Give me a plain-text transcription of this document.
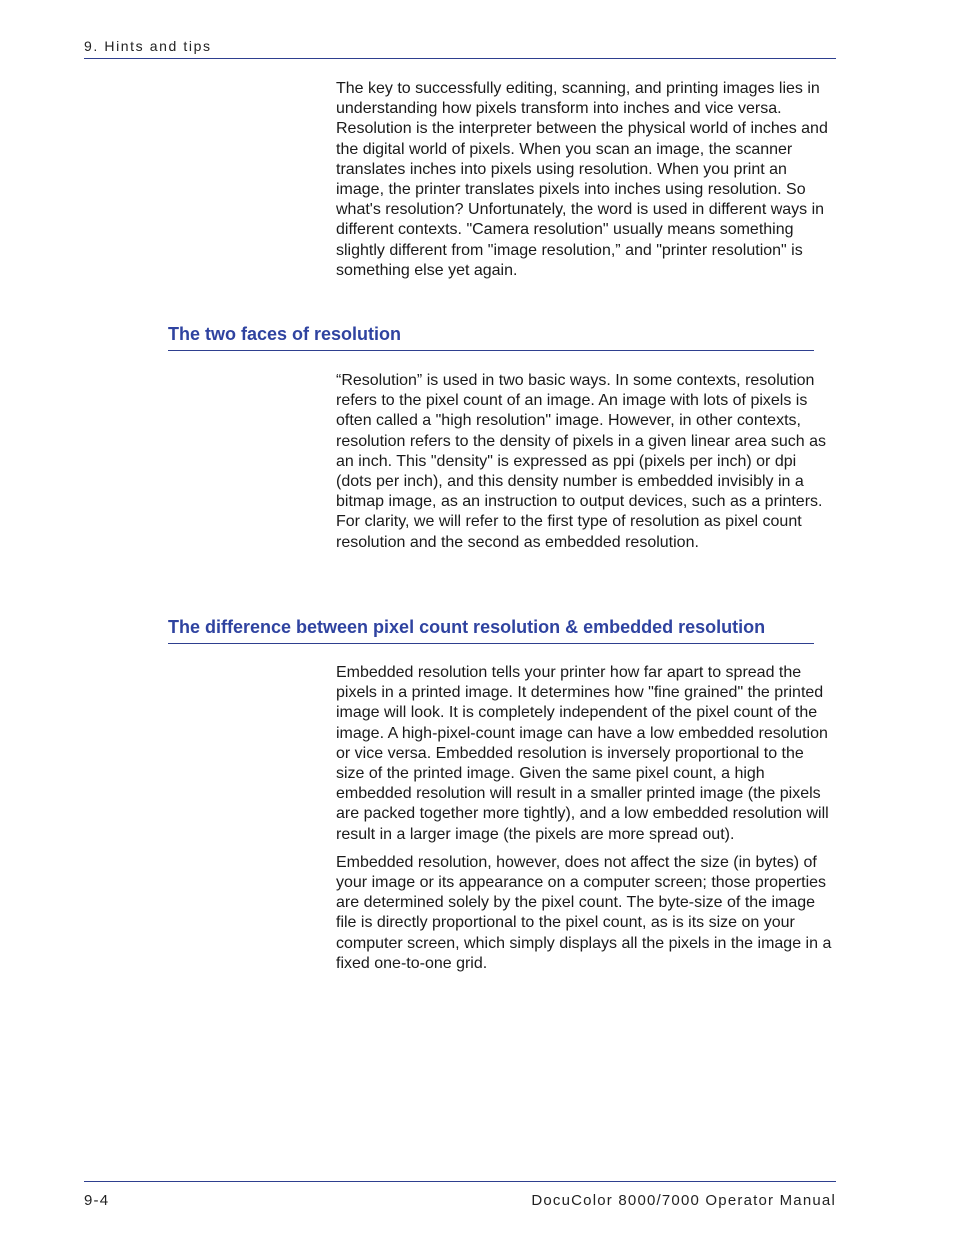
9. Hints and tips

The key to successfully editing, scanning, and printing images lies in understanding how pixels transform into inches and vice versa. Resolution is the interpreter between the physical world of inches and the digital world of pixels. When you scan an image, the scanner translates inches into pixels using resolution. When you print an image, the printer translates pixels into inches using resolution. So what's resolution? Unfortunately, the word is used in different ways in different contexts. "Camera resolution" usually means something slightly different from "image resolution,” and "printer resolution" is something else yet again.

The two faces of resolution

“Resolution” is used in two basic ways. In some contexts, resolution refers to the pixel count of an image. An image with lots of pixels is often called a "high resolution" image. However, in other contexts, resolution refers to the density of pixels in a given linear area such as an inch. This "density" is expressed as ppi (pixels per inch) or dpi (dots per inch), and this density number is embedded invisibly in a bitmap image, as an instruction to output devices, such as a printers. For clarity, we will refer to the first type of resolution as pixel count resolution and the second as embedded resolution.

The difference between pixel count resolution & embedded resolution

Embedded resolution tells your printer how far apart to spread the pixels in a printed image. It determines how "fine grained" the printed image will look. It is completely independent of the pixel count of the image. A high-pixel-count image can have a low embedded resolution or vice versa. Embedded resolution is inversely proportional to the size of the printed image. Given the same pixel count, a high embedded resolution will result in a smaller printed image (the pixels are packed together more tightly), and a low embedded resolution will result in a larger image (the pixels are more spread out).

Embedded resolution, however, does not affect the size (in bytes) of your image or its appearance on a computer screen; those properties are determined solely by the pixel count. The byte-size of the image file is directly proportional to the pixel count, as is its size on your computer screen, which simply displays all the pixels in the image in a fixed one-to-one grid.

9-4	DocuColor 8000/7000 Operator Manual
